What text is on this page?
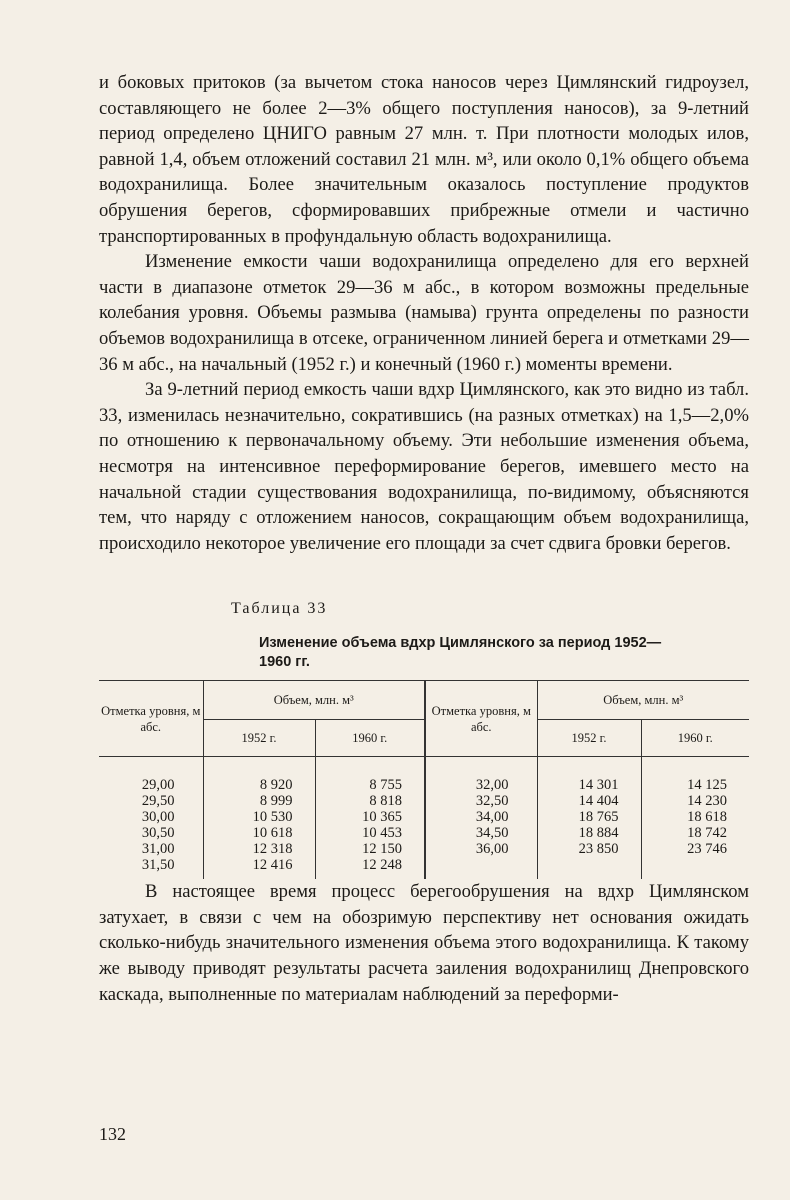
и боковых притоков (за вычетом стока наносов через Цимлянский гидроузел, составляющего не более 2—3% общего поступления наносов), за 9-летний период определено ЦНИГО равным 27 млн. т. При плотности молодых илов, равной 1,4, объем отложений составил 21 млн. м³, или около 0,1% общего объема водохранилища. Более значительным оказалось поступление продуктов обрушения берегов, сформировавших прибрежные отмели и частично транспортированных в профундальную область водохранилища.

Изменение емкости чаши водохранилища определено для его верхней части в диапазоне отметок 29—36 м абс., в котором возможны предельные колебания уровня. Объемы размыва (намыва) грунта определены по разности объемов водохранилища в отсеке, ограниченном линией берега и отметками 29—36 м абс., на начальный (1952 г.) и конечный (1960 г.) моменты времени.

За 9-летний период емкость чаши вдхр Цимлянского, как это видно из табл. 33, изменилась незначительно, сократившись (на разных отметках) на 1,5—2,0% по отношению к первоначальному объему. Эти небольшие изменения объема, несмотря на интенсивное переформирование берегов, имевшего место на начальной стадии существования водохранилища, по-видимому, объясняются тем, что наряду с отложением наносов, сокращающим объем водохранилища, происходило некоторое увеличение его площади за счет сдвига бровки берегов.

Таблица 33
Изменение объема вдхр Цимлянского за период 1952—1960 гг.
Отметка уровня, м абс.	Объем, млн. м³		Отметка уровня, м абс.	Объем, млн. м³	
	1952 г.	1960 г.		1952 г.	1960 г.
29,00	8 920	8 755	32,00	14 301	14 125
29,50	8 999	8 818	32,50	14 404	14 230
30,00	10 530	10 365	34,00	18 765	18 618
30,50	10 618	10 453	34,50	18 884	18 742
31,00	12 318	12 150	36,00	23 850	23 746
31,50	12 416	12 248			

В настоящее время процесс берегообрушения на вдхр Цимлянском затухает, в связи с чем на обозримую перспективу нет основания ожидать сколько-нибудь значительного изменения объема этого водохранилища. К такому же выводу приводят результаты расчета заиления водохранилищ Днепровского каскада, выполненные по материалам наблюдений за переформи-

132
